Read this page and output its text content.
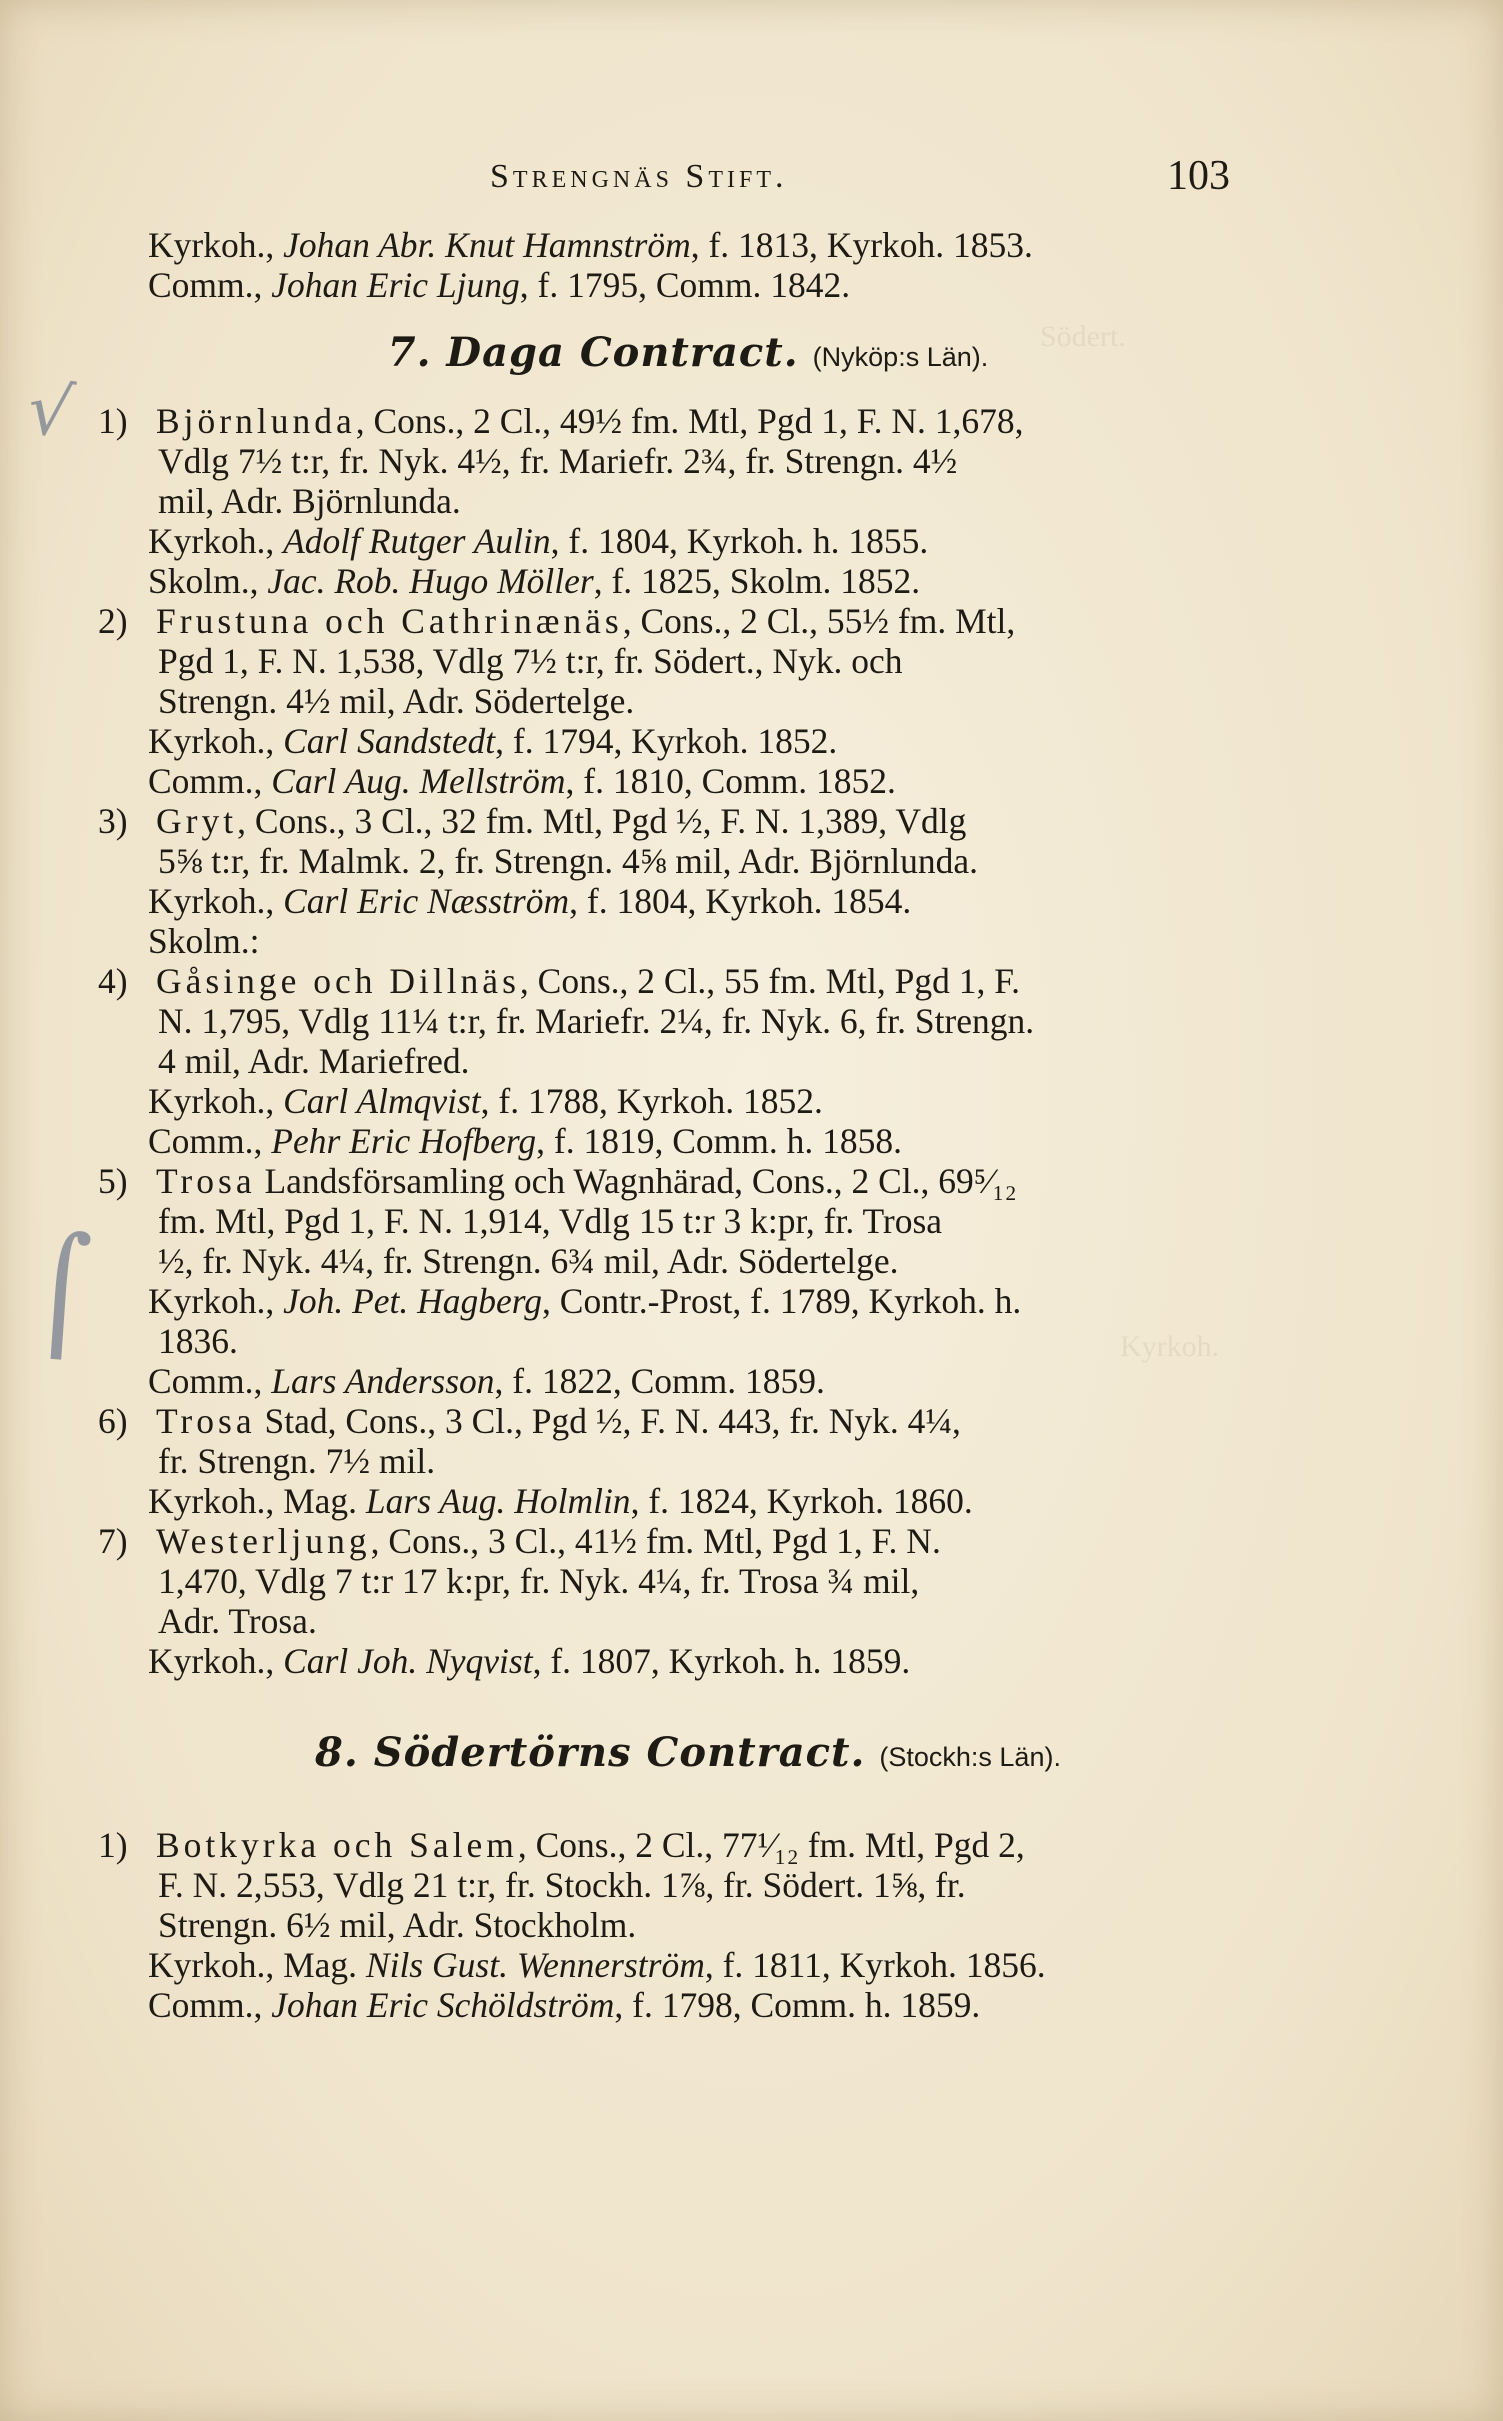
Södert.
Kyrkoh.
√
⌠
Strengnäs Stift.	103
Kyrkoh., Johan Abr. Knut Hamnström, f. 1813, Kyrkoh. 1853.
Comm., Johan Eric Ljung, f. 1795, Comm. 1842.
7. Daga Contract. (Nyköp:s Län).
1) Björnlunda, Cons., 2 Cl., 49½ fm. Mtl, Pgd 1, F. N. 1,678,
Vdlg 7½ t:r, fr. Nyk. 4½, fr. Mariefr. 2¾, fr. Strengn. 4½
mil, Adr. Björnlunda.
Kyrkoh., Adolf Rutger Aulin, f. 1804, Kyrkoh. h. 1855.
Skolm., Jac. Rob. Hugo Möller, f. 1825, Skolm. 1852.
2) Frustuna och Cathrinænäs, Cons., 2 Cl., 55½ fm. Mtl,
Pgd 1, F. N. 1,538, Vdlg 7½ t:r, fr. Södert., Nyk. och
Strengn. 4½ mil, Adr. Södertelge.
Kyrkoh., Carl Sandstedt, f. 1794, Kyrkoh. 1852.
Comm., Carl Aug. Mellström, f. 1810, Comm. 1852.
3) Gryt, Cons., 3 Cl., 32 fm. Mtl, Pgd ½, F. N. 1,389, Vdlg
5⅝ t:r, fr. Malmk. 2, fr. Strengn. 4⅝ mil, Adr. Björnlunda.
Kyrkoh., Carl Eric Næsström, f. 1804, Kyrkoh. 1854.
Skolm.:
4) Gåsinge och Dillnäs, Cons., 2 Cl., 55 fm. Mtl, Pgd 1, F.
N. 1,795, Vdlg 11¼ t:r, fr. Mariefr. 2¼, fr. Nyk. 6, fr. Strengn.
4 mil, Adr. Mariefred.
Kyrkoh., Carl Almqvist, f. 1788, Kyrkoh. 1852.
Comm., Pehr Eric Hofberg, f. 1819, Comm. h. 1858.
5) Trosa Landsförsamling och Wagnhärad, Cons., 2 Cl., 69⁵⁄₁₂
fm. Mtl, Pgd 1, F. N. 1,914, Vdlg 15 t:r 3 k:pr, fr. Trosa
½, fr. Nyk. 4¼, fr. Strengn. 6¾ mil, Adr. Södertelge.
Kyrkoh., Joh. Pet. Hagberg, Contr.-Prost, f. 1789, Kyrkoh. h.
1836.
Comm., Lars Andersson, f. 1822, Comm. 1859.
6) Trosa Stad, Cons., 3 Cl., Pgd ½, F. N. 443, fr. Nyk. 4¼,
fr. Strengn. 7½ mil.
Kyrkoh., Mag. Lars Aug. Holmlin, f. 1824, Kyrkoh. 1860.
7) Westerljung, Cons., 3 Cl., 41½ fm. Mtl, Pgd 1, F. N.
1,470, Vdlg 7 t:r 17 k:pr, fr. Nyk. 4¼, fr. Trosa ¾ mil,
Adr. Trosa.
Kyrkoh., Carl Joh. Nyqvist, f. 1807, Kyrkoh. h. 1859.
8. Södertörns Contract. (Stockh:s Län).
1) Botkyrka och Salem, Cons., 2 Cl., 77¹⁄₁₂ fm. Mtl, Pgd 2,
F. N. 2,553, Vdlg 21 t:r, fr. Stockh. 1⅞, fr. Södert. 1⅝, fr.
Strengn. 6½ mil, Adr. Stockholm.
Kyrkoh., Mag. Nils Gust. Wennerström, f. 1811, Kyrkoh. 1856.
Comm., Johan Eric Schöldström, f. 1798, Comm. h. 1859.
